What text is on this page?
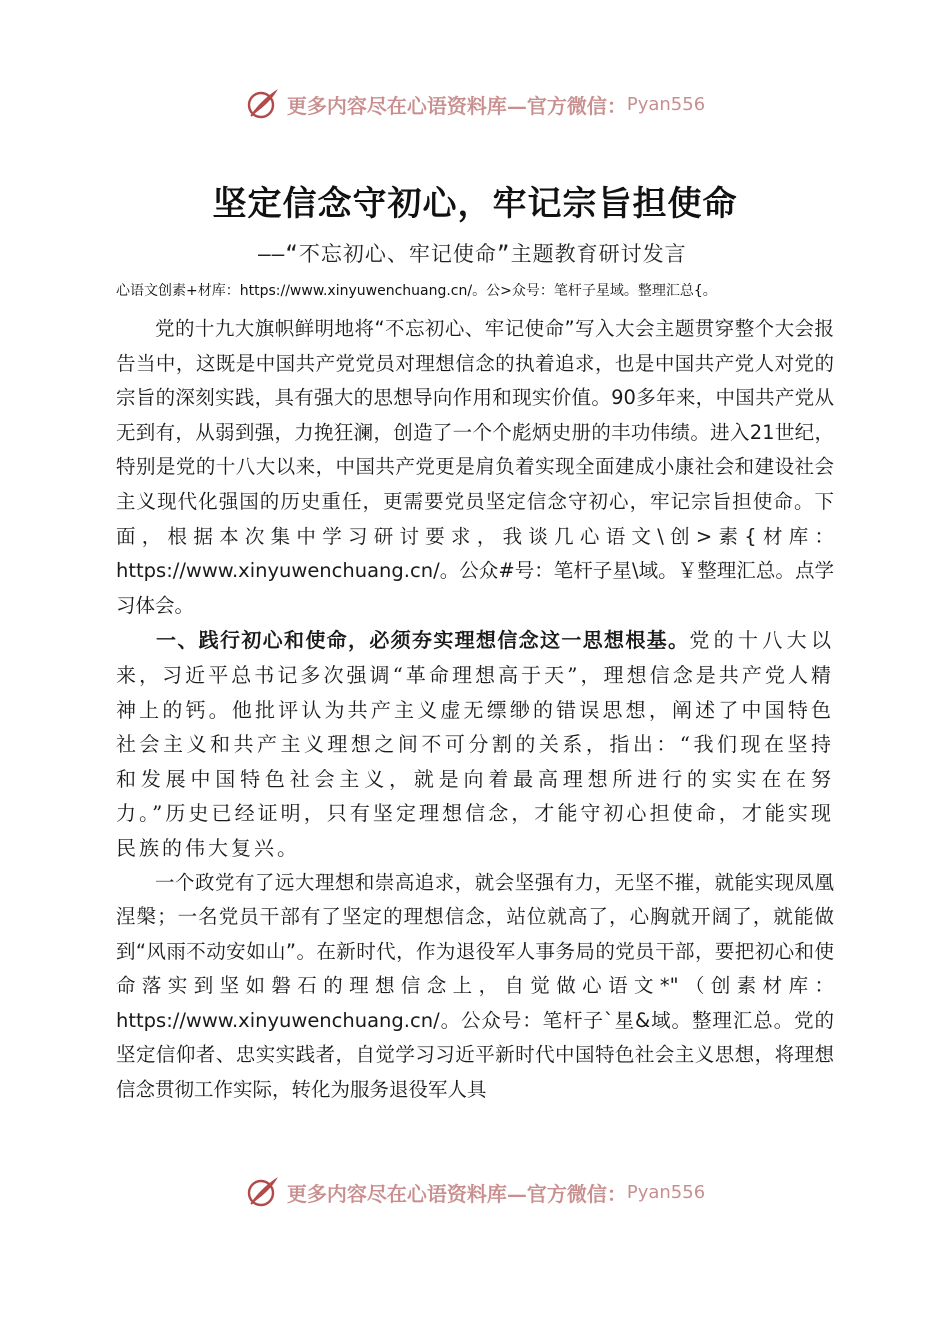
更多内容尽在心语资料库—官方微信： Pyan556
坚定信念守初心，牢记宗旨担使命
——“不忘初心、牢记使命”主题教育研讨发言
心语文创素+材库：https://www.xinyuwenchuang.cn/。公>众号：笔杆子星域。整理汇总{。

党的十九大旗帜鲜明地将“不忘初心、牢记使命”写入大会主题贯穿整个大会报告当中，这既是中国共产党党员对理想信念的执着追求，也是中国共产党人对党的宗旨的深刻实践，具有强大的思想导向作用和现实价值。90多年来，中国共产党从无到有，从弱到强，力挽狂澜，创造了一个个彪炳史册的丰功伟绩。进入21世纪，特别是党的十八大以来，中国共产党更是肩负着实现全面建成小康社会和建设社会主义现代化强国的历史重任，更需要党员坚定信念守初心，牢记宗旨担使命。下面，根据本次集中学习研讨要求，我谈几心语文\创>素{材库：https://www.xinyuwenchuang.cn/。公众#号：笔杆子星\域。￥整理汇总。点学习体会。

一、践行初心和使命，必须夯实理想信念这一思想根基。党的十八大以来，习近平总书记多次强调“革命理想高于天”，理想信念是共产党人精神上的钙。他批评认为共产主义虚无缥缈的错误思想，阐述了中国特色社会主义和共产主义理想之间不可分割的关系，指出：“我们现在坚持和发展中国特色社会主义，就是向着最高理想所进行的实实在在努力。”历史已经证明，只有坚定理想信念，才能守初心担使命，才能实现民族的伟大复兴。

一个政党有了远大理想和崇高追求，就会坚强有力，无坚不摧，就能实现凤凰涅槃；一名党员干部有了坚定的理想信念，站位就高了，心胸就开阔了，就能做到“风雨不动安如山”。在新时代，作为退役军人事务局的党员干部，要把初心和使命落实到坚如磐石的理想信念上，自觉做心语文*"（创素材库：https://www.xinyuwenchuang.cn/。公众号：笔杆子`星&域。整理汇总。党的坚定信仰者、忠实实践者，自觉学习习近平新时代中国特色社会主义思想，将理想信念贯彻工作实际，转化为服务退役军人具

更多内容尽在心语资料库—官方微信： Pyan556
